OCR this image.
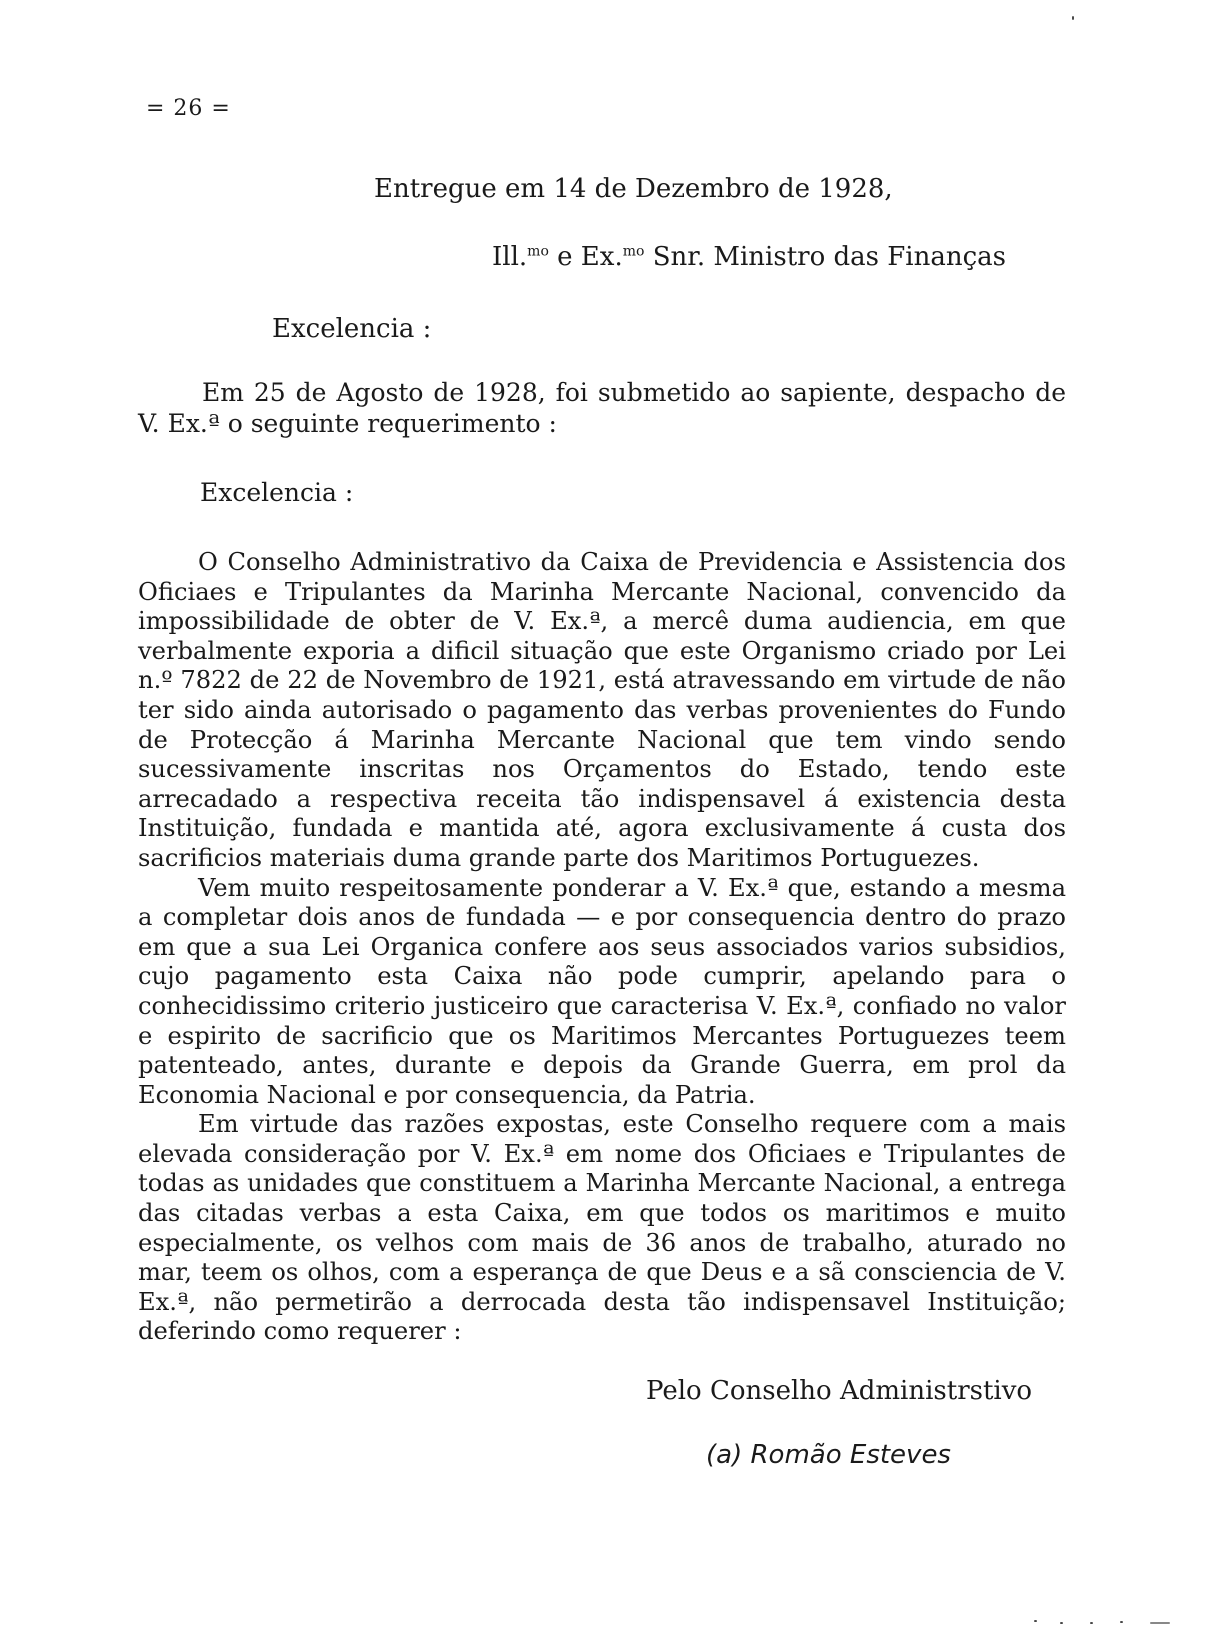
= 26 =
Entregue em 14 de Dezembro de 1928,
Ill.$^{mo}$ e Ex.$^{mo}$ Snr. Ministro das Finanças
Excelencia :
Em 25 de Agosto de 1928, foi submetido ao sapiente, despacho de V. Ex.ª o seguinte requerimento :
Excelencia :

O Conselho Administrativo da Caixa de Previdencia e Assistencia dos Oficiaes e Tripulantes da Marinha Mercante Nacional, convencido da impossibilidade de obter de V. Ex.ª, a mercê duma audiencia, em que verbalmente exporia a dificil situação que este Organismo criado por Lei n.º 7822 de 22 de Novembro de 1921, está atravessando em virtude de não ter sido ainda autorisado o pagamento das verbas provenientes do Fundo de Protecção á Marinha Mercante Nacional que tem vindo sendo sucessivamente inscritas nos Orçamentos do Estado, tendo este arrecadado a respectiva receita tão indispensavel á existencia desta Instituição, fundada e mantida até, agora exclusivamente á custa dos sacrificios materiais duma grande parte dos Maritimos Portuguezes.

Vem muito respeitosamente ponderar a V. Ex.ª que, estando a mesma a completar dois anos de fundada — e por consequencia dentro do prazo em que a sua Lei Organica confere aos seus associados varios subsidios, cujo pagamento esta Caixa não pode cumprir, apelando para o conhecidissimo criterio justiceiro que caracterisa V. Ex.ª, confiado no valor e espirito de sacrificio que os Maritimos Mercantes Portuguezes teem patenteado, antes, durante e depois da Grande Guerra, em prol da Economia Nacional e por consequencia, da Patria.

Em virtude das razões expostas, este Conselho requere com a mais elevada consideração por V. Ex.ª em nome dos Oficiaes e Tripulantes de todas as unidades que constituem a Marinha Mercante Nacional, a entrega das citadas verbas a esta Caixa, em que todos os maritimos e muito especialmente, os velhos com mais de 36 anos de trabalho, aturado no mar, teem os olhos, com a esperança de que Deus e a sã consciencia de V. Ex.ª, não permetirão a derrocada desta tão indispensavel Instituição; deferindo como requerer :

Pelo Conselho Administrstivo
(a) Romão Esteves
